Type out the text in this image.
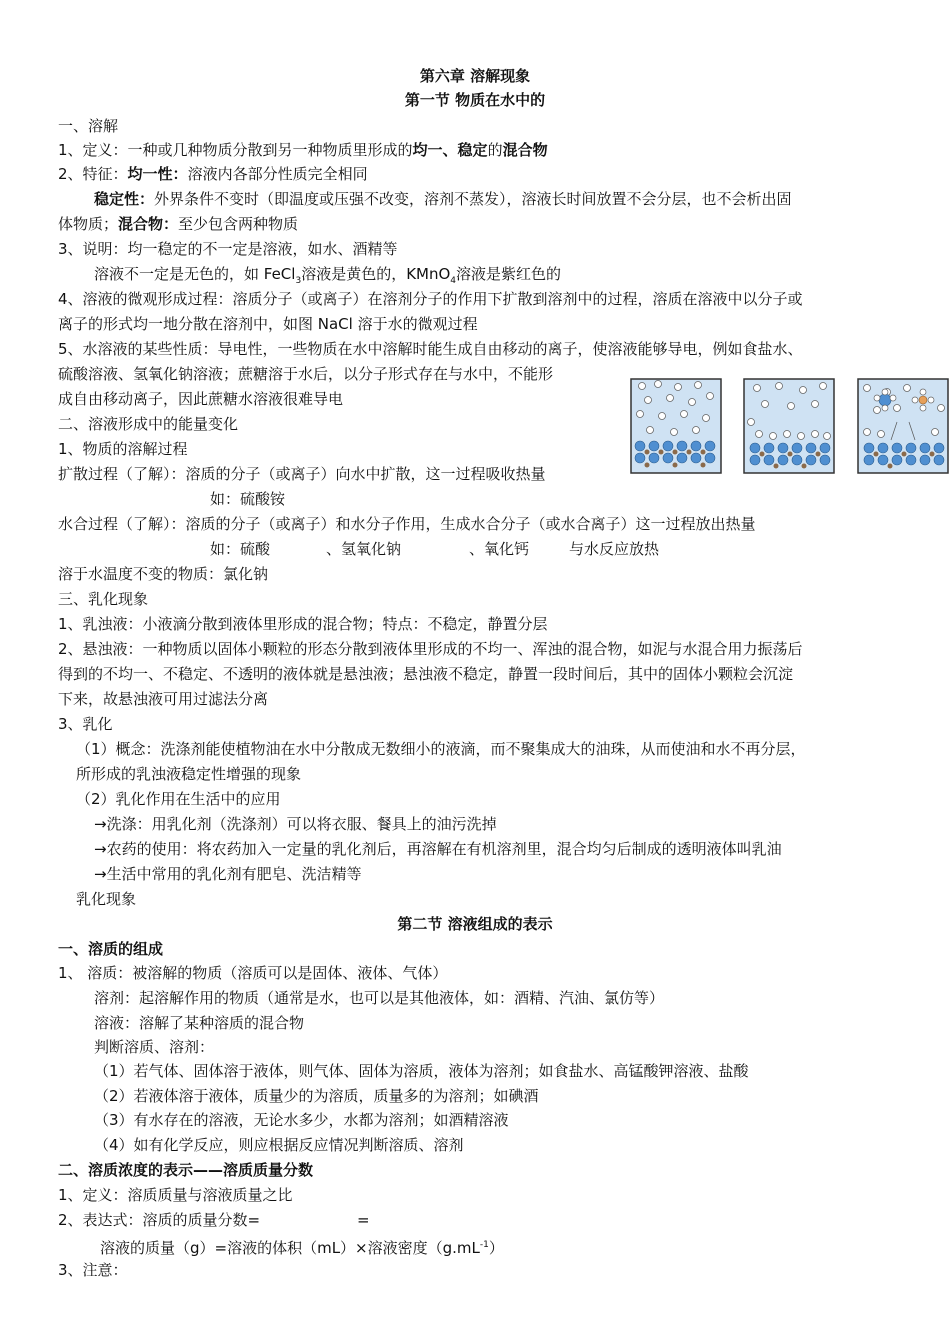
第六章 溶解现象
第一节 物质在水中的
一、溶解
1、定义：一种或几种物质分散到另一种物质里形成的均一、稳定的混合物
2、特征：均一性：溶液内各部分性质完全相同
稳定性：外界条件不变时（即温度或压强不改变，溶剂不蒸发），溶液长时间放置不会分层，也不会析出固
体物质；混合物：至少包含两种物质
3、说明：均一稳定的不一定是溶液，如水、酒精等
溶液不一定是无色的，如 FeCl$_3$溶液是黄色的，KMnO$_4$溶液是紫红色的
4、溶液的微观形成过程：溶质分子（或离子）在溶剂分子的作用下扩散到溶剂中的过程，溶质在溶液中以分子或
离子的形式均一地分散在溶剂中，如图 NaCl 溶于水的微观过程
5、水溶液的某些性质：导电性，一些物质在水中溶解时能生成自由移动的离子，使溶液能够导电，例如食盐水、
硫酸溶液、氢氧化钠溶液；蔗糖溶于水后，以分子形式存在与水中，不能形
成自由移动离子，因此蔗糖水溶液很难导电
二、溶液形成中的能量变化
1、物质的溶解过程
扩散过程（了解）：溶质的分子（或离子）向水中扩散，这一过程吸收热量
如：硫酸铵
水合过程（了解）：溶质的分子（或离子）和水分子作用，生成水合分子（或水合离子）这一过程放出热量
如：硫酸	、氢氧化钠	、氧化钙	与水反应放热
溶于水温度不变的物质：氯化钠
三、乳化现象
1、乳浊液：小液滴分散到液体里形成的混合物；特点：不稳定，静置分层
2、悬浊液：一种物质以固体小颗粒的形态分散到液体里形成的不均一、浑浊的混合物，如泥与水混合用力振荡后
得到的不均一、不稳定、不透明的液体就是悬浊液；悬浊液不稳定，静置一段时间后，其中的固体小颗粒会沉淀
下来，故悬浊液可用过滤法分离
3、乳化
（1）概念：洗涤剂能使植物油在水中分散成无数细小的液滴，而不聚集成大的油珠，从而使油和水不再分层，
所形成的乳浊液稳定性增强的现象
（2）乳化作用在生活中的应用
→洗涤：用乳化剂（洗涤剂）可以将衣服、餐具上的油污洗掉
→农药的使用：将农药加入一定量的乳化剂后，再溶解在有机溶剂里，混合均匀后制成的透明液体叫乳油
→生活中常用的乳化剂有肥皂、洗洁精等
乳化现象
第二节 溶液组成的表示
一、溶质的组成
1、 溶质：被溶解的物质（溶质可以是固体、液体、气体）
溶剂：起溶解作用的物质（通常是水，也可以是其他液体，如：酒精、汽油、氯仿等）
溶液：溶解了某种溶质的混合物
判断溶质、溶剂：
（1）若气体、固体溶于液体，则气体、固体为溶质，液体为溶剂；如食盐水、高锰酸钾溶液、盐酸
（2）若液体溶于液体，质量少的为溶质，质量多的为溶剂；如碘酒
（3）有水存在的溶液，无论水多少，水都为溶剂；如酒精溶液
（4）如有化学反应，则应根据反应情况判断溶质、溶剂
二、溶质浓度的表示——溶质质量分数
1、定义：溶质质量与溶液质量之比
2、表达式：溶质的质量分数=	=
溶液的质量（g）=溶液的体积（mL）×溶液密度$(g.mL^{-1})$
3、注意：
